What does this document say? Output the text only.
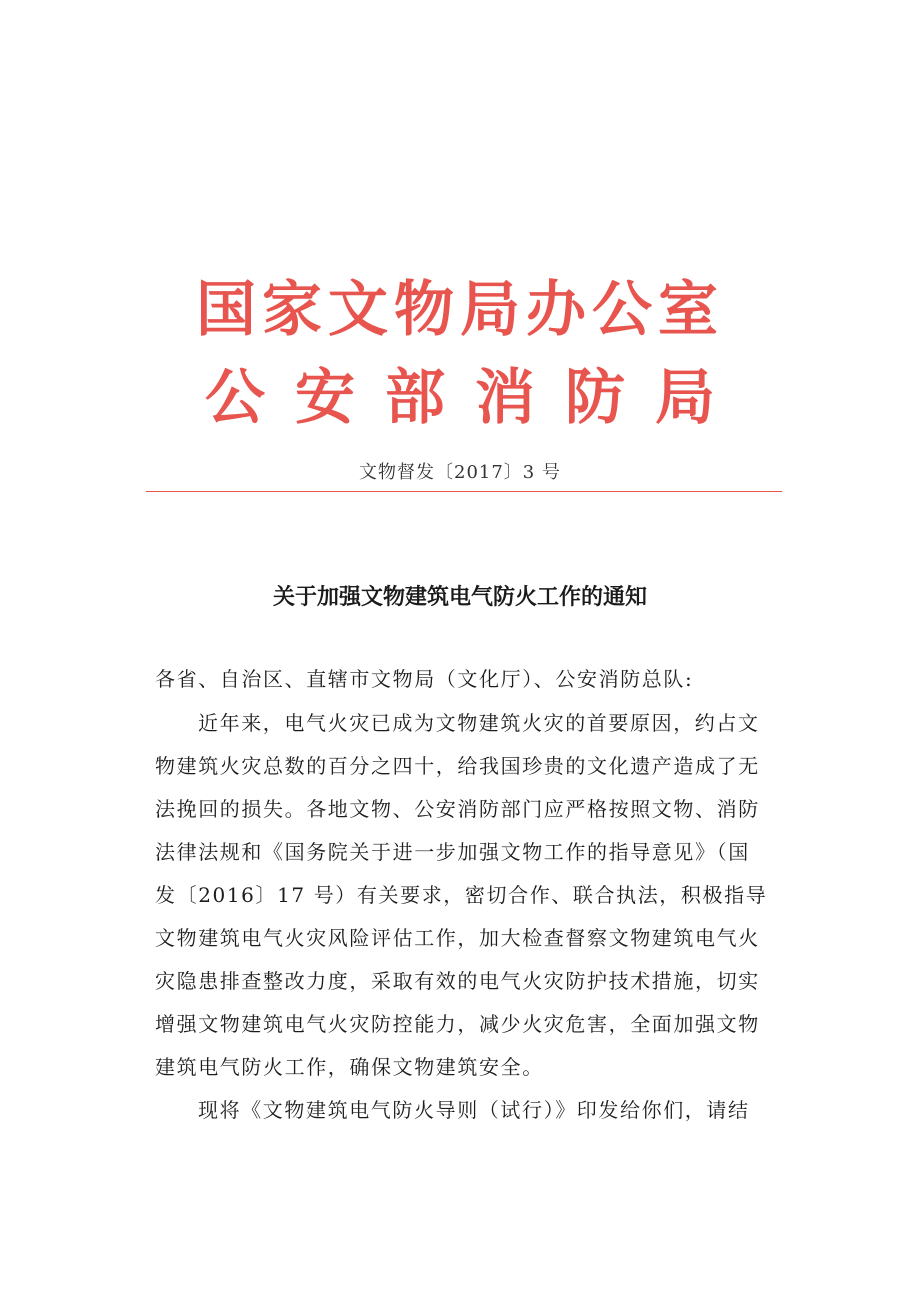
国家文物局办公室
公安部消防局
文物督发〔2017〕3 号
关于加强文物建筑电气防火工作的通知
各省、自治区、直辖市文物局（文化厅）、公安消防总队:
近年来，电气火灾已成为文物建筑火灾的首要原因，约占文
物建筑火灾总数的百分之四十，给我国珍贵的文化遗产造成了无
法挽回的损失。各地文物、公安消防部门应严格按照文物、消防
法律法规和《国务院关于进一步加强文物工作的指导意见》（国
发〔2016〕17 号）有关要求，密切合作、联合执法，积极指导
文物建筑电气火灾风险评估工作，加大检查督察文物建筑电气火
灾隐患排查整改力度，采取有效的电气火灾防护技术措施，切实
增强文物建筑电气火灾防控能力，减少火灾危害，全面加强文物
建筑电气防火工作，确保文物建筑安全。
现将《文物建筑电气防火导则（试行）》印发给你们，请结
